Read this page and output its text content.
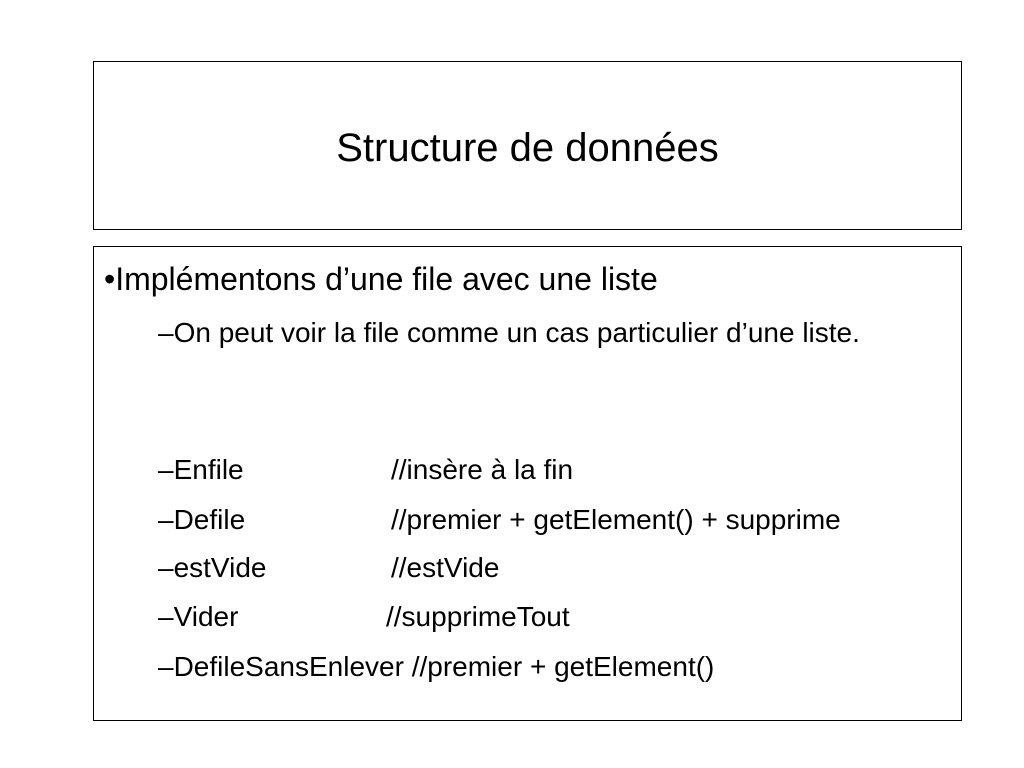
Structure de données
•Implémentons d’une file avec une liste
–On peut voir la file comme un cas particulier d’une liste.
–Enfile	//insère à la fin
–Defile	//premier + getElement() + supprime
–estVide	//estVide
–Vider	//supprimeTout
–DefileSansEnlever //premier + getElement()
